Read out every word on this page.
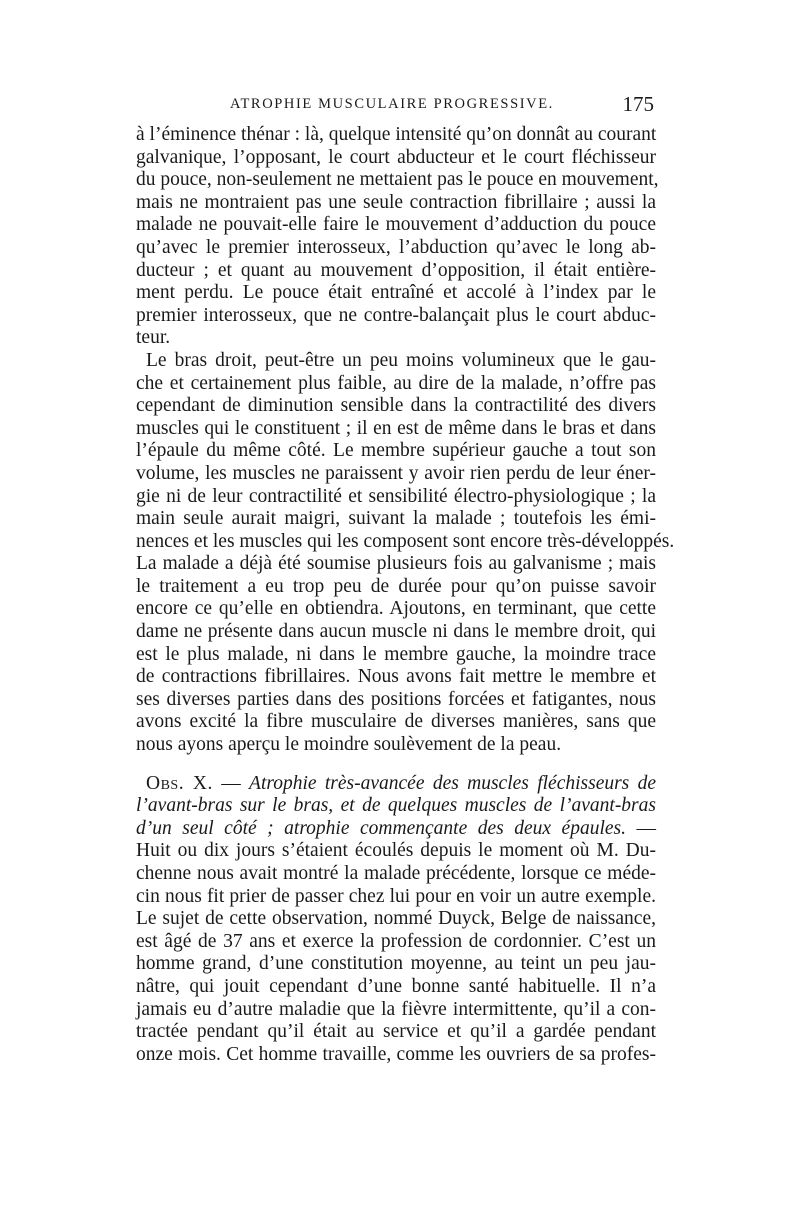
ATROPHIE MUSCULAIRE PROGRESSIVE.	175
à l’éminence thénar : là, quelque intensité qu’on donnât au courant
galvanique, l’opposant, le court abducteur et le court fléchisseur
du pouce, non-seulement ne mettaient pas le pouce en mouvement,
mais ne montraient pas une seule contraction fibrillaire ; aussi la
malade ne pouvait-elle faire le mouvement d’adduction du pouce
qu’avec le premier interosseux, l’abduction qu’avec le long ab-
ducteur ; et quant au mouvement d’opposition, il était entière-
ment perdu. Le pouce était entraîné et accolé à l’index par le
premier interosseux, que ne contre-balançait plus le court abduc-
teur.
Le bras droit, peut-être un peu moins volumineux que le gau-
che et certainement plus faible, au dire de la malade, n’offre pas
cependant de diminution sensible dans la contractilité des divers
muscles qui le constituent ; il en est de même dans le bras et dans
l’épaule du même côté. Le membre supérieur gauche a tout son
volume, les muscles ne paraissent y avoir rien perdu de leur éner-
gie ni de leur contractilité et sensibilité électro-physiologique ; la
main seule aurait maigri, suivant la malade ; toutefois les émi-
nences et les muscles qui les composent sont encore très-développés.
La malade a déjà été soumise plusieurs fois au galvanisme ; mais
le traitement a eu trop peu de durée pour qu’on puisse savoir
encore ce qu’elle en obtiendra. Ajoutons, en terminant, que cette
dame ne présente dans aucun muscle ni dans le membre droit, qui
est le plus malade, ni dans le membre gauche, la moindre trace
de contractions fibrillaires. Nous avons fait mettre le membre et
ses diverses parties dans des positions forcées et fatigantes, nous
avons excité la fibre musculaire de diverses manières, sans que
nous ayons aperçu le moindre soulèvement de la peau.
Obs. X. — Atrophie très-avancée des muscles fléchisseurs de
l’avant-bras sur le bras, et de quelques muscles de l’avant-bras
d’un seul côté ; atrophie commençante des deux épaules. —
Huit ou dix jours s’étaient écoulés depuis le moment où M. Du-
chenne nous avait montré la malade précédente, lorsque ce méde-
cin nous fit prier de passer chez lui pour en voir un autre exemple.
Le sujet de cette observation, nommé Duyck, Belge de naissance,
est âgé de 37 ans et exerce la profession de cordonnier. C’est un
homme grand, d’une constitution moyenne, au teint un peu jau-
nâtre, qui jouit cependant d’une bonne santé habituelle. Il n’a
jamais eu d’autre maladie que la fièvre intermittente, qu’il a con-
tractée pendant qu’il était au service et qu’il a gardée pendant
onze mois. Cet homme travaille, comme les ouvriers de sa profes-
